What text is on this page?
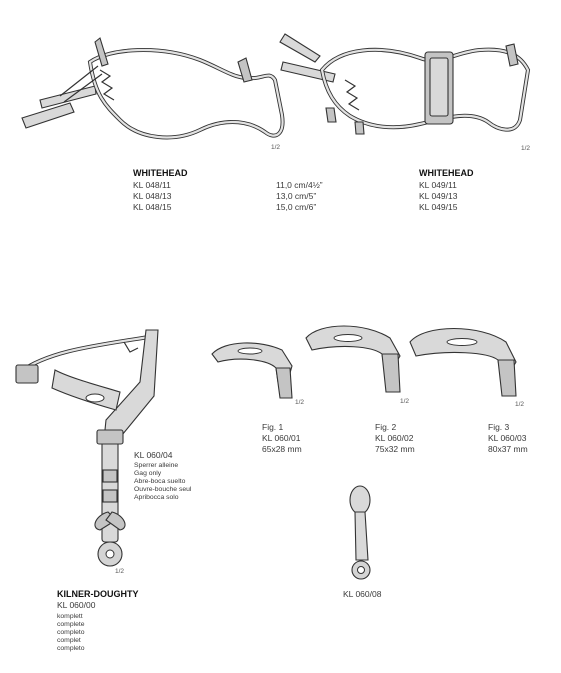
1/2	1/2
1/2
1/2	1/2	1/2
WHITEHEAD
KL 048/11
KL 048/13
KL 048/15
11,0 cm/4½”
13,0 cm/5”
15,0 cm/6”
WHITEHEAD
KL 049/11
KL 049/13
KL 049/15
Fig. 1
KL 060/01
65x28 mm
Fig. 2
KL 060/02
75x32 mm
Fig. 3
KL 060/03
80x37 mm
KL 060/04
Sperrer alleine
Gag only
Abre-boca suelto
Ouvre-bouche seul
Apribocca solo
KILNER-DOUGHTY
KL 060/00
komplett
complete
completo
complet
completo
KL 060/08
